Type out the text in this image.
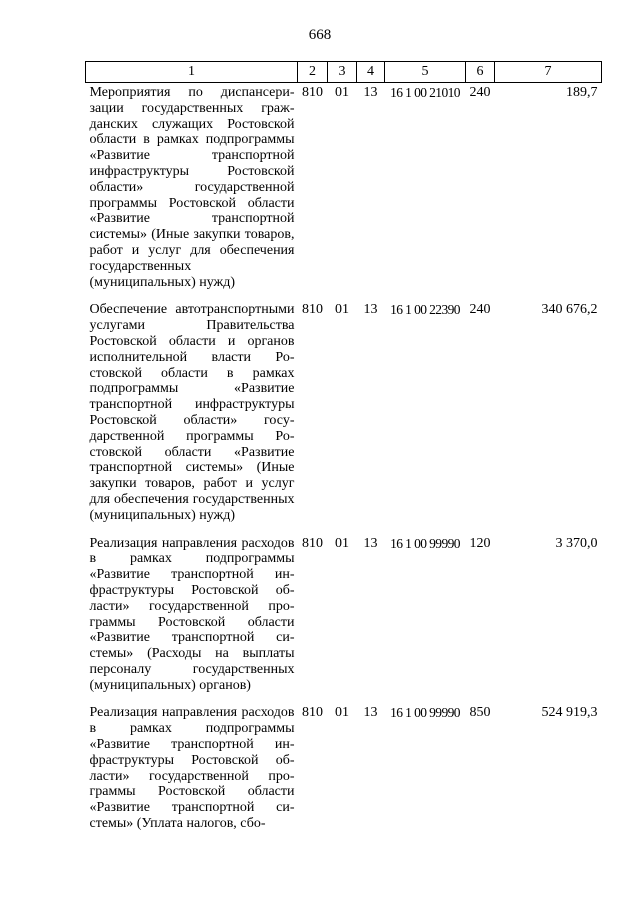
668
1	2	3	4	5	6	7
Мероприятия по диспансеризации государственных гражданских служащих Ростовской области в рамках подпрограммы «Развитие транспортной инфраструктуры Ростовской области» государственной программы Ростовской области «Развитие транспортной системы» (Иные закупки товаров, работ и услуг для обеспечения государственных (муниципальных) нужд)	810	01	13	16 1 00 21010	240	189,7
Обеспечение автотранспортными услугами Правительства Ростовской области и органов исполнительной власти Ростовской области в рамках подпрограммы «Развитие транспортной инфраструктуры Ростовской области» государственной программы Ростовской области «Развитие транспортной системы» (Иные закупки товаров, работ и услуг для обеспечения государственных (муниципальных) нужд)	810	01	13	16 1 00 22390	240	340 676,2
Реализация направления расходов в рамках подпрограммы «Развитие транспортной инфраструктуры Ростовской области» государственной программы Ростовской области «Развитие транспортной системы» (Расходы на выплаты персоналу государственных (муниципальных) органов)	810	01	13	16 1 00 99990	120	3 370,0
Реализация направления расходов в рамках подпрограммы «Развитие транспортной инфраструктуры Ростовской области» государственной программы Ростовской области «Развитие транспортной системы» (Уплата налогов, сбо-	810	01	13	16 1 00 99990	850	524 919,3
